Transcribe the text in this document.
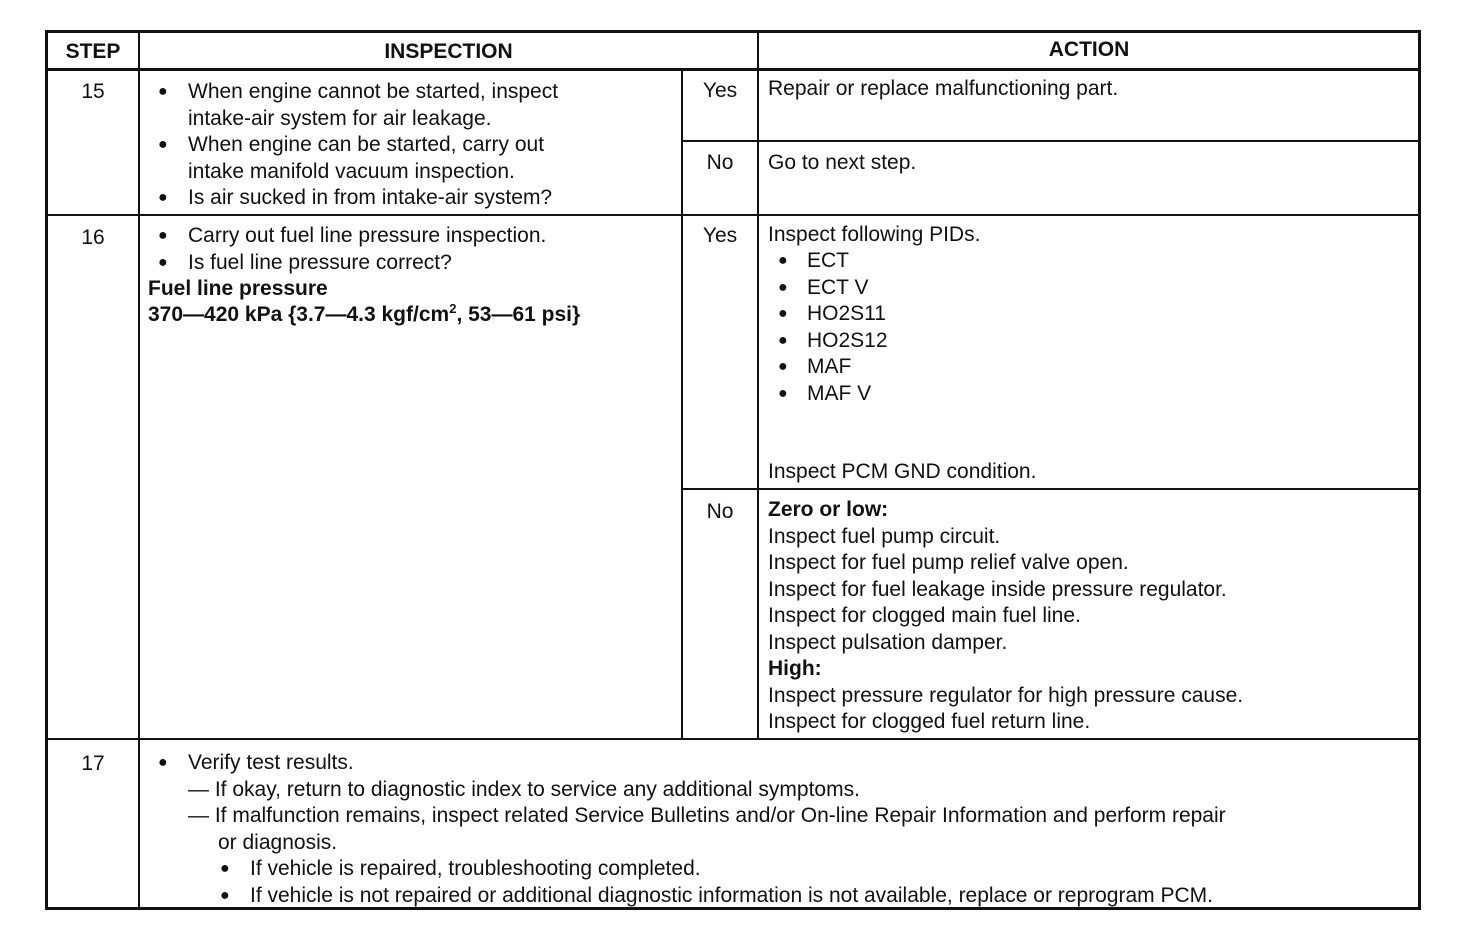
STEP	INSPECTION	ACTION
15	● When engine cannot be started, inspect
intake-air system for air leakage.
● When engine can be started, carry out
intake manifold vacuum inspection.
● Is air sucked in from intake-air system?
Yes	Repair or replace malfunctioning part.
No	Go to next step.
16	● Carry out fuel line pressure inspection.
● Is fuel line pressure correct?
Fuel line pressure
370—420 kPa {3.7—4.3 kgf/$cm^2$, 53—61 psi}
Yes	Inspect following PIDs.
● ECT
● ECT V
● HO2S11
● HO2S12
● MAF
● MAF V
Inspect PCM GND condition.
No	Zero or low:
Inspect fuel pump circuit.
Inspect for fuel pump relief valve open.
Inspect for fuel leakage inside pressure regulator.
Inspect for clogged main fuel line.
Inspect pulsation damper.
High:
Inspect pressure regulator for high pressure cause.
Inspect for clogged fuel return line.
17	● Verify test results.
— If okay, return to diagnostic index to service any additional symptoms.
— If malfunction remains, inspect related Service Bulletins and/or On-line Repair Information and perform repair
or diagnosis.
● If vehicle is repaired, troubleshooting completed.
● If vehicle is not repaired or additional diagnostic information is not available, replace or reprogram PCM.
